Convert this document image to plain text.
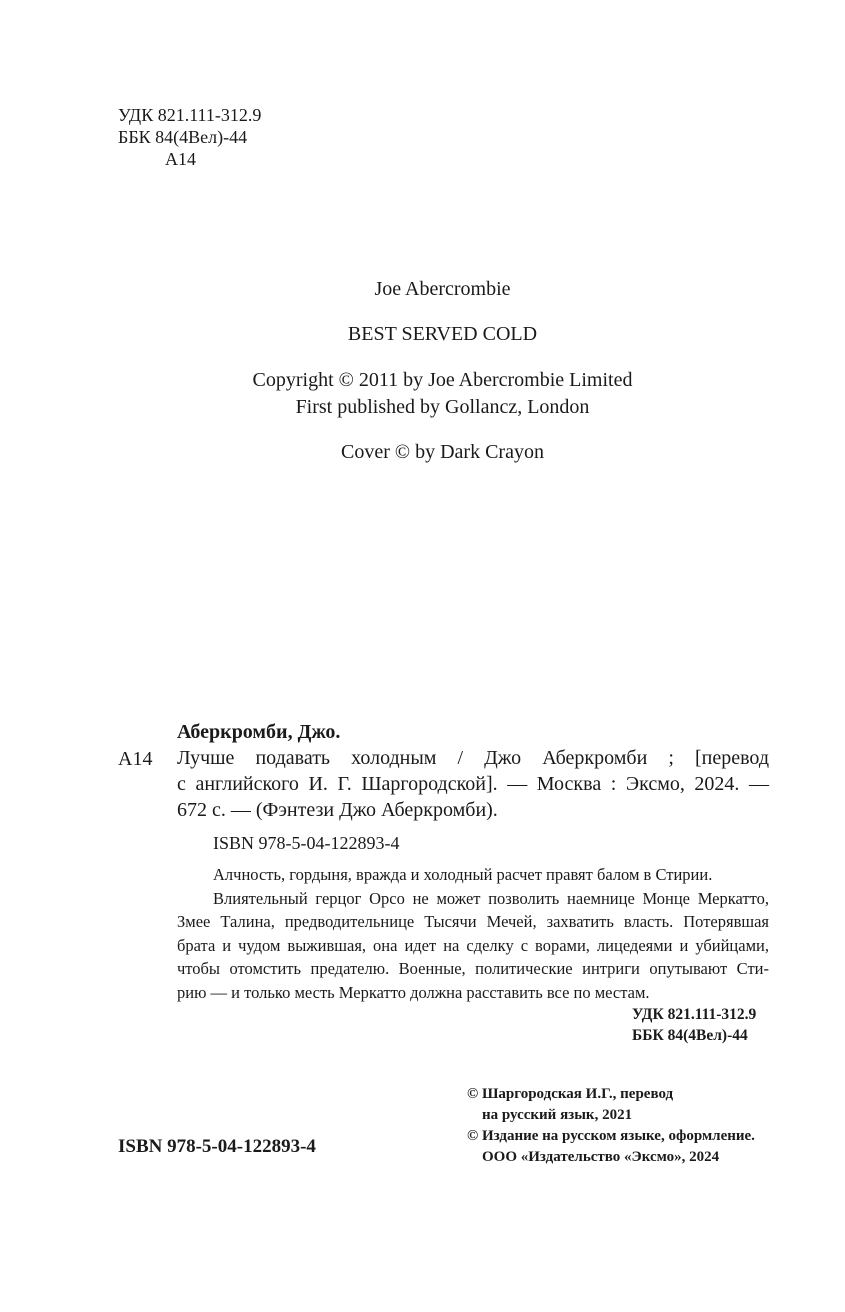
УДК 821.111-312.9
ББК 84(4Вел)-44
А14
Joe Abercrombie
BEST SERVED COLD
Copyright © 2011 by Joe Abercrombie Limited
First published by Gollancz, London
Cover © by Dark Crayon
Аберкромби, Джо.
А14 Лучше подавать холодным / Джо Аберкромби ; [перевод
с английского И. Г. Шаргородской]. — Москва : Эксмо, 2024. —
672 с. — (Фэнтези Джо Аберкромби).
ISBN 978-5-04-122893-4
Алчность, гордыня, вражда и холодный расчет правят балом в Стирии.
Влиятельный герцог Орсо не может позволить наемнице Монце Меркатто,
Змее Талина, предводительнице Тысячи Мечей, захватить власть. Потерявшая
брата и чудом выжившая, она идет на сделку с ворами, лицедеями и убийцами,
чтобы отомстить предателю. Военные, политические интриги опутывают Сти-
рию — и только месть Меркатто должна расставить все по местам.
УДК 821.111-312.9
ББК 84(4Вел)-44
© Шаргородская И.Г., перевод
на русский язык, 2021
© Издание на русском языке, оформление.
ООО «Издательство «Эксмо», 2024
ISBN 978-5-04-122893-4
